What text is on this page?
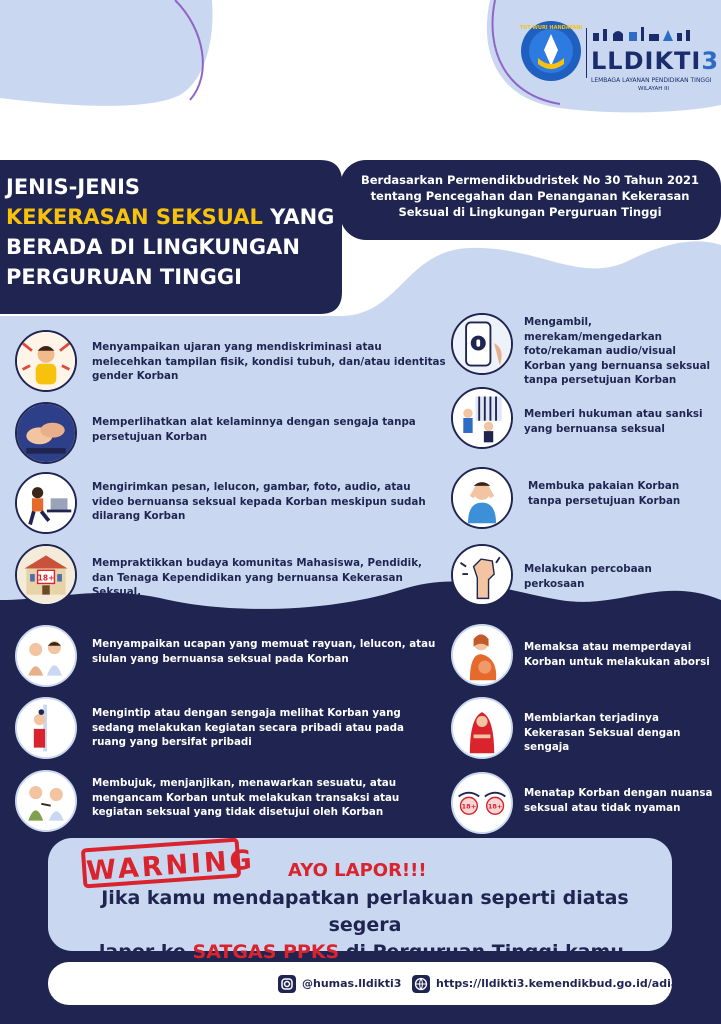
TUT WURI HANDAYANI
LLDIKTI3
LEMBAGA LAYANAN PENDIDIKAN TINGGI
WILAYAH III
JENIS-JENIS
KEKERASAN SEKSUAL YANG
BERADA DI LINGKUNGAN
PERGURUAN TINGGI
Berdasarkan Permendikbudristek No 30 Tahun 2021
tentang Pencegahan dan Penanganan Kekerasan
Seksual di Lingkungan Perguruan Tinggi
18+
Menyampaikan ujaran yang mendiskriminasi atau
melecehkan tampilan fisik, kondisi tubuh, dan/atau identitas
gender Korban
Memperlihatkan alat kelaminnya dengan sengaja tanpa
persetujuan Korban
Mengirimkan pesan, lelucon, gambar, foto, audio, atau
video bernuansa seksual kepada Korban meskipun sudah
dilarang Korban
Mempraktikkan budaya komunitas Mahasiswa, Pendidik,
dan Tenaga Kependidikan yang bernuansa Kekerasan
Seksual.
Menyampaikan ucapan yang memuat rayuan, lelucon, atau
siulan yang bernuansa seksual pada Korban
Mengintip atau dengan sengaja melihat Korban yang
sedang melakukan kegiatan secara pribadi atau pada
ruang yang bersifat pribadi
Membujuk, menjanjikan, menawarkan sesuatu, atau
mengancam Korban untuk melakukan transaksi atau
kegiatan seksual yang tidak disetujui oleh Korban	18+ 18+
Mengambil,
merekam/mengedarkan
foto/rekaman audio/visual
Korban yang bernuansa seksual
tanpa persetujuan Korban
Memberi hukuman atau sanksi
yang bernuansa seksual
Membuka pakaian Korban
tanpa persetujuan Korban
Melakukan percobaan
perkosaan
Memaksa atau memperdayai
Korban untuk melakukan aborsi
Membiarkan terjadinya
Kekerasan Seksual dengan
sengaja
Menatap Korban dengan nuansa
seksual atau tidak nyaman
WARNING AYO LAPOR!!!
Jika kamu mendapatkan perlakuan seperti diatas segera
lapor ke SATGAS PPKS di Perguruan Tinggi kamu.
@humas.lldikti3	https://lldikti3.kemendikbud.go.id/adia/
